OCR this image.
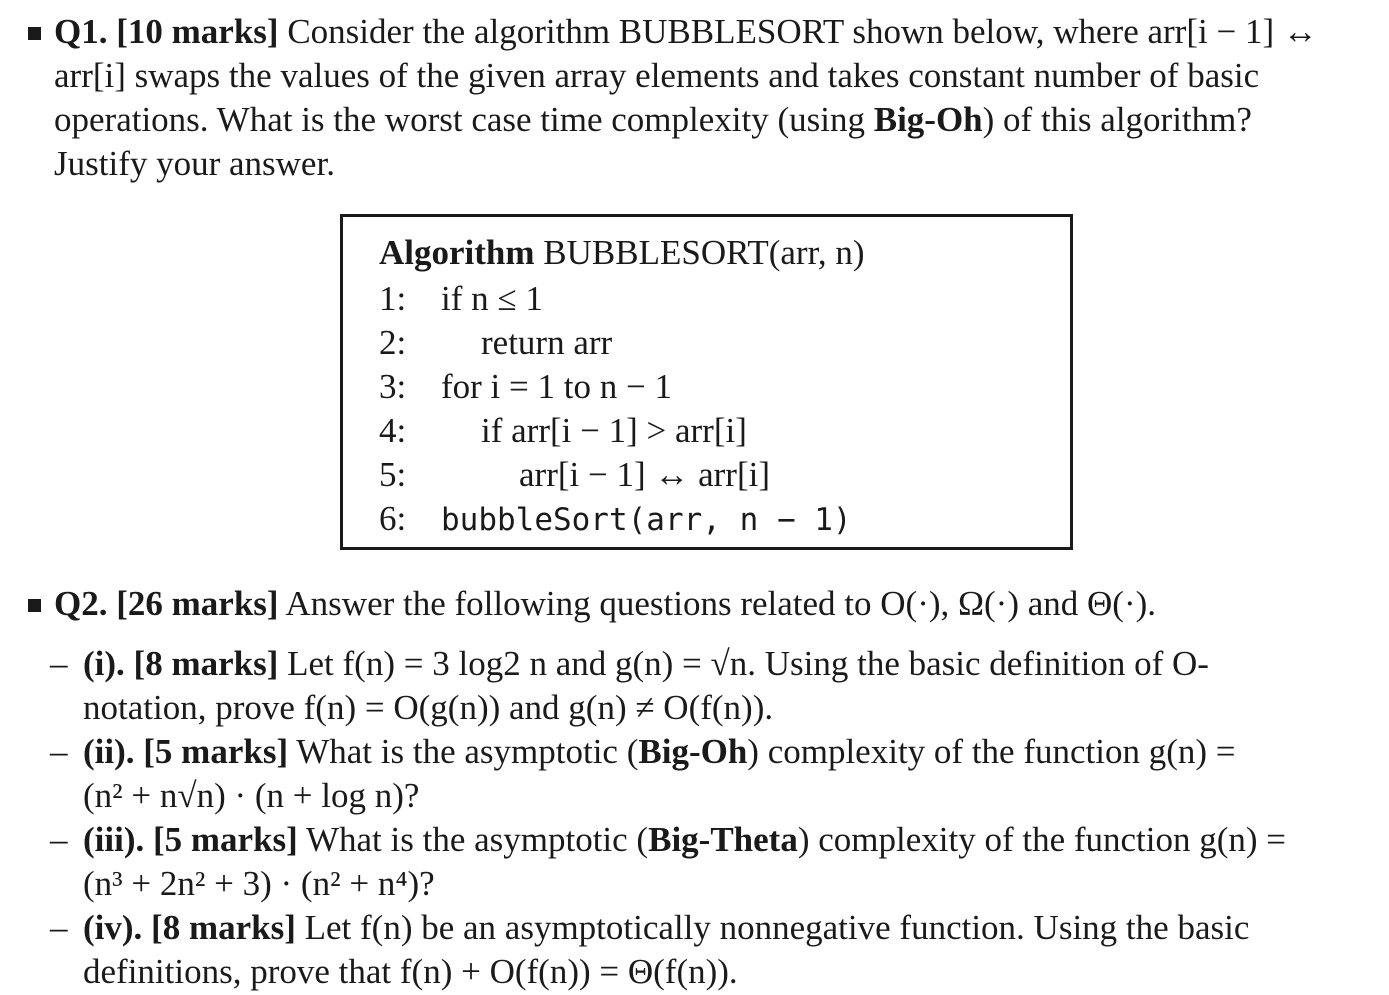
Q1. [10 marks] Consider the algorithm BUBBLESORT shown below, where arr[i − 1] ↔
arr[i] swaps the values of the given array elements and takes constant number of basic
operations. What is the worst case time complexity (using Big-Oh) of this algorithm?
Justify your answer.
Algorithm BUBBLESORT(arr, n)
1: if n ≤ 1
2: return arr
3: for i = 1 to n − 1
4: if arr[i − 1] > arr[i]
5:	arr[i − 1] ↔ arr[i]
6: bubbleSort(arr, n − 1)
Q2. [26 marks] Answer the following questions related to O(·), Ω(·) and Θ(·).
– (i). [8 marks] Let f(n) = 3 log2 n and g(n) = √n. Using the basic definition of O-
notation, prove f(n) = O(g(n)) and g(n) ≠ O(f(n)).
– (ii). [5 marks] What is the asymptotic (Big-Oh) complexity of the function g(n) =
(n² + n√n) · (n + log n)?
– (iii). [5 marks] What is the asymptotic (Big-Theta) complexity of the function g(n) =
(n³ + 2n² + 3) · (n² + n⁴)?
– (iv). [8 marks] Let f(n) be an asymptotically nonnegative function. Using the basic
definitions, prove that f(n) + O(f(n)) = Θ(f(n)).
